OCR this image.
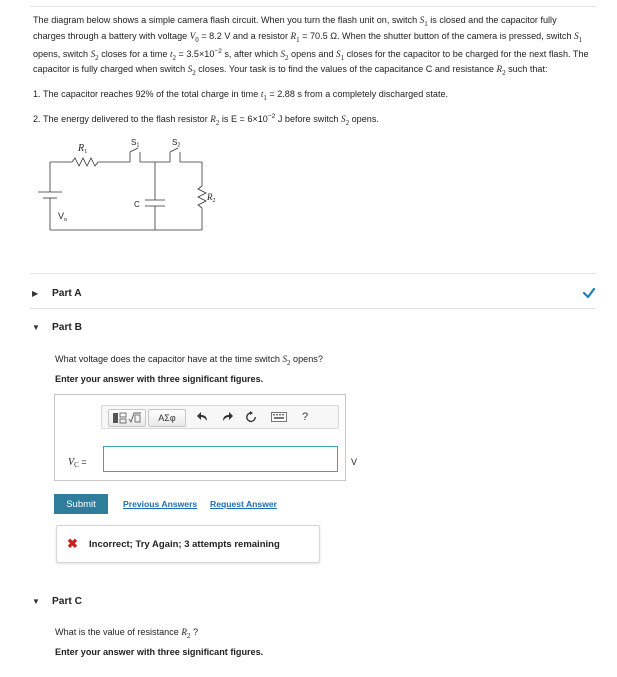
The diagram below shows a simple camera flash circuit. When you turn the flash unit on, switch $S_1$ is closed and the capacitor fully charges through a battery with voltage $V_0 = 8.2$ V and a resistor $R_1 = 70.5$ Ω. When the shutter button of the camera is pressed, switch $S_1$ opens, switch $S_2$ closes for a time $t_2 = 3.5\times 10^{-2}$ s, after which $S_2$ opens and $S_1$ closes for the capacitor to be charged for the next flash. The capacitor is fully charged when switch $S_2$ closes. Your task is to find the values of the capacitance C and resistance $R_2$ such that:

1. The capacitor reaches 92% of the total charge in time $t_1 = 2.88$ s from a completely discharged state.
2. The energy delivered to the flash resistor $R_2$ is $E = 6\times 10^{-2}$ J before switch $S_2$ opens.
$R_1$
S1	S2
C
$R_2$
$V_o$
▶	Part A
▼	Part B
What voltage does the capacitor have at the time switch $S_2$ opens?
Enter your answer with three significant figures.
ΑΣφ	?
$V_C$ =	V
Submit	Previous Answers Request Answer
✖ Incorrect; Try Again; 3 attempts remaining
▼	Part C
What is the value of resistance $R_2$ ?
Enter your answer with three significant figures.
